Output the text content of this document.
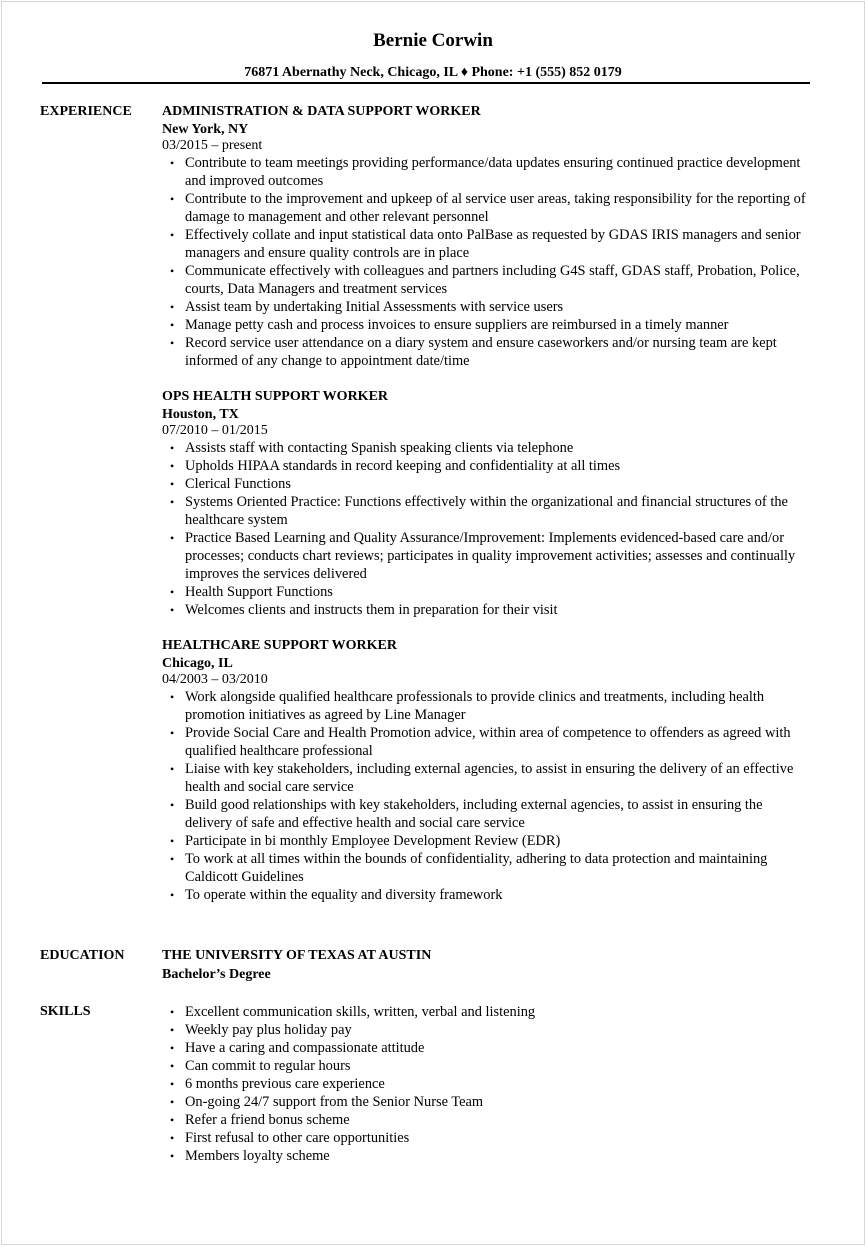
Bernie Corwin
76871 Abernathy Neck, Chicago, IL ♦ Phone: +1 (555) 852 0179
EXPERIENCE ADMINISTRATION & DATA SUPPORT WORKER
New York, NY
03/2015 – present
• Contribute to team meetings providing performance/data updates ensuring continued practice development and improved outcomes
• Contribute to the improvement and upkeep of al service user areas, taking responsibility for the reporting of damage to management and other relevant personnel
• Effectively collate and input statistical data onto PalBase as requested by GDAS IRIS managers and senior managers and ensure quality controls are in place
• Communicate effectively with colleagues and partners including G4S staff, GDAS staff, Probation, Police, courts, Data Managers and treatment services
• Assist team by undertaking Initial Assessments with service users
• Manage petty cash and process invoices to ensure suppliers are reimbursed in a timely manner
• Record service user attendance on a diary system and ensure caseworkers and/or nursing team are kept informed of any change to appointment date/time
OPS HEALTH SUPPORT WORKER
Houston, TX
07/2010 – 01/2015
• Assists staff with contacting Spanish speaking clients via telephone
• Upholds HIPAA standards in record keeping and confidentiality at all times
• Clerical Functions
• Systems Oriented Practice: Functions effectively within the organizational and financial structures of the healthcare system
• Practice Based Learning and Quality Assurance/Improvement: Implements evidenced-based care and/or processes; conducts chart reviews; participates in quality improvement activities; assesses and continually improves the services delivered
• Health Support Functions
• Welcomes clients and instructs them in preparation for their visit
HEALTHCARE SUPPORT WORKER
Chicago, IL
04/2003 – 03/2010
• Work alongside qualified healthcare professionals to provide clinics and treatments, including health promotion initiatives as agreed by Line Manager
• Provide Social Care and Health Promotion advice, within area of competence to offenders as agreed with qualified healthcare professional
• Liaise with key stakeholders, including external agencies, to assist in ensuring the delivery of an effective health and social care service
• Build good relationships with key stakeholders, including external agencies, to assist in ensuring the delivery of safe and effective health and social care service
• Participate in bi monthly Employee Development Review (EDR)
• To work at all times within the bounds of confidentiality, adhering to data protection and maintaining Caldicott Guidelines
• To operate within the equality and diversity framework
EDUCATION	THE UNIVERSITY OF TEXAS AT AUSTIN
Bachelor’s Degree
SKILLS	• Excellent communication skills, written, verbal and listening
• Weekly pay plus holiday pay
• Have a caring and compassionate attitude
• Can commit to regular hours
• 6 months previous care experience
• On-going 24/7 support from the Senior Nurse Team
• Refer a friend bonus scheme
• First refusal to other care opportunities
• Members loyalty scheme
